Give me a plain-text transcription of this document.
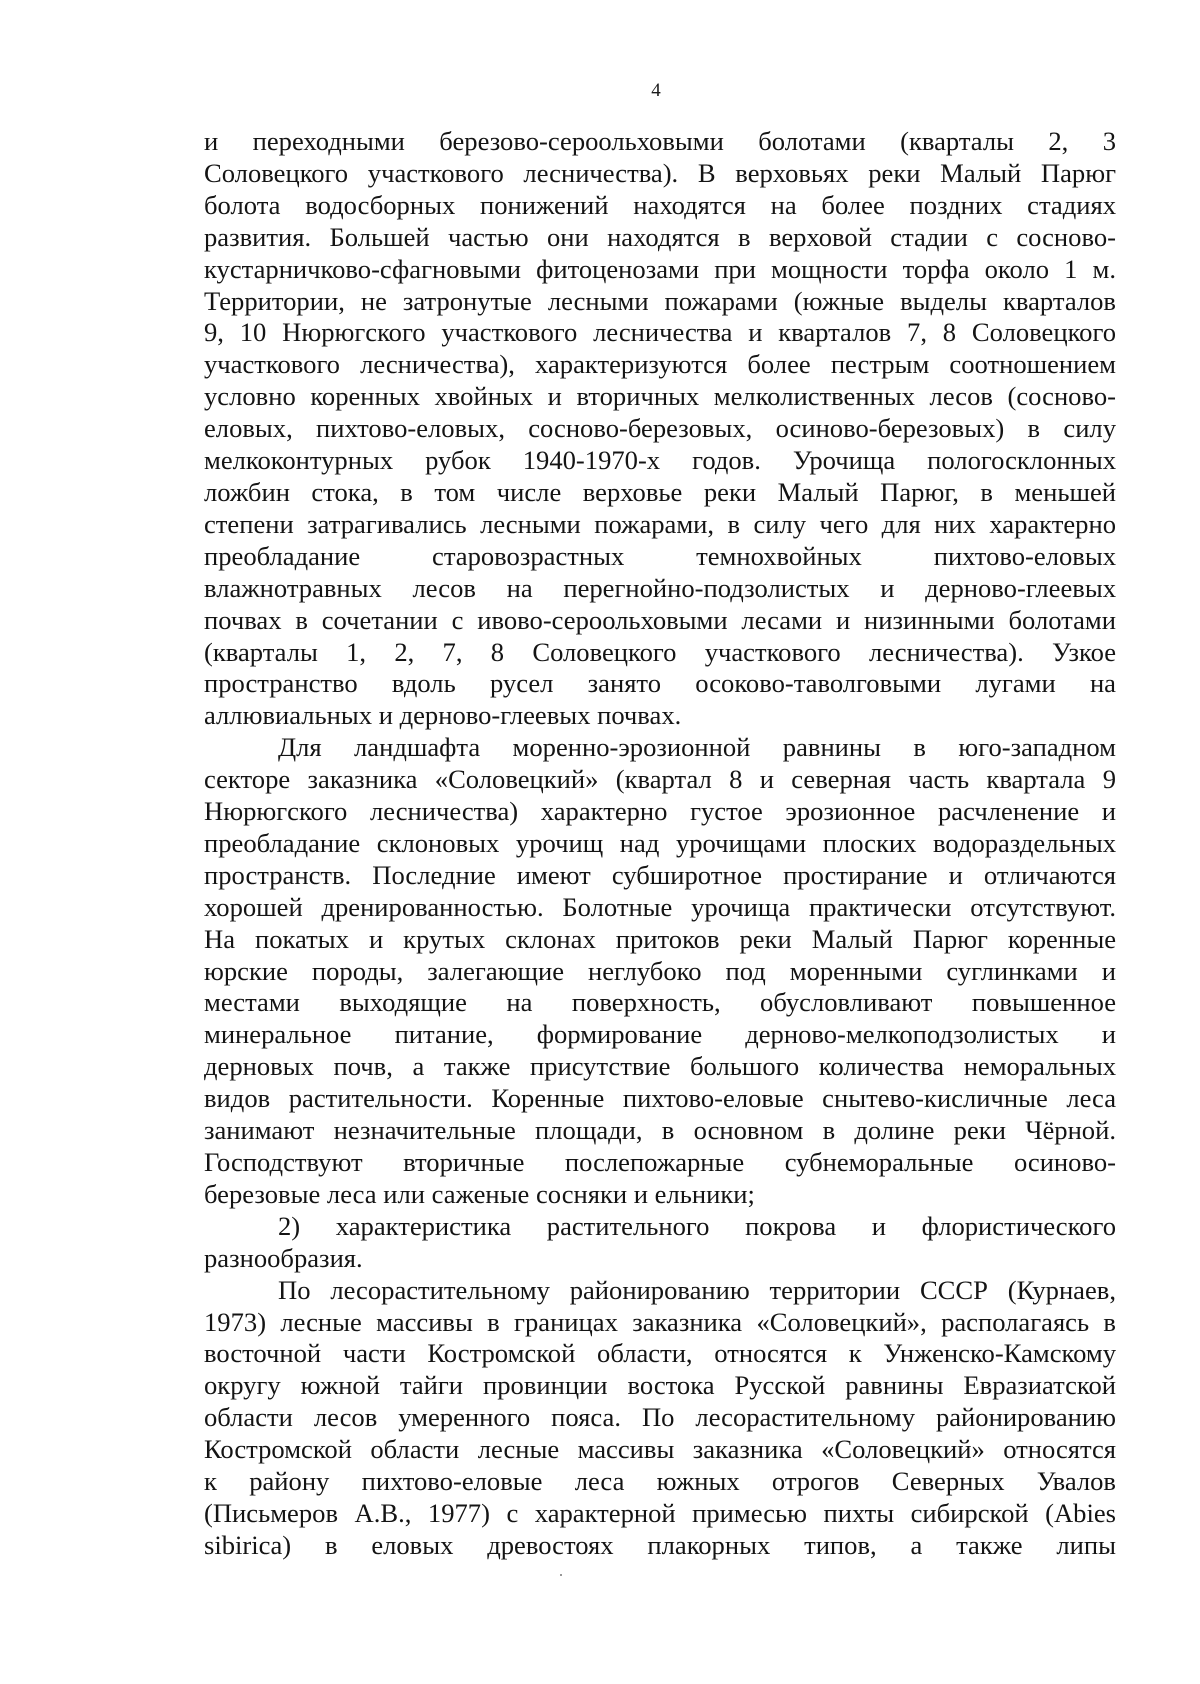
4

и переходными березово-сероольховыми болотами (кварталы 2, 3
Соловецкого участкового лесничества). В верховьях реки Малый Парюг
болота водосборных понижений находятся на более поздних стадиях
развития. Большей частью они находятся в верховой стадии с сосново-
кустарничково-сфагновыми фитоценозами при мощности торфа около 1 м.
Территории, не затронутые лесными пожарами (южные выделы кварталов
9, 10 Нюрюгского участкового лесничества и кварталов 7, 8 Соловецкого
участкового лесничества), характеризуются более пестрым соотношением
условно коренных хвойных и вторичных мелколиственных лесов (сосново-
еловых, пихтово-еловых, сосново-березовых, осиново-березовых) в силу
мелкоконтурных рубок 1940-1970-х годов. Урочища пологосклонных
ложбин стока, в том числе верховье реки Малый Парюг, в меньшей
степени затрагивались лесными пожарами, в силу чего для них характерно
преобладание старовозрастных темнохвойных пихтово-еловых
влажнотравных лесов на перегнойно-подзолистых и дерново-глеевых
почвах в сочетании с ивово-сероольховыми лесами и низинными болотами
(кварталы 1, 2, 7, 8 Соловецкого участкового лесничества). Узкое
пространство вдоль русел занято осоково-таволговыми лугами на
аллювиальных и дерново-глеевых почвах.

Для ландшафта моренно-эрозионной равнины в юго-западном
секторе заказника «Соловецкий» (квартал 8 и северная часть квартала 9
Нюрюгского лесничества) характерно густое эрозионное расчленение и
преобладание склоновых урочищ над урочищами плоских водораздельных
пространств. Последние имеют субширотное простирание и отличаются
хорошей дренированностью. Болотные урочища практически отсутствуют.
На покатых и крутых склонах притоков реки Малый Парюг коренные
юрские породы, залегающие неглубоко под моренными суглинками и
местами выходящие на поверхность, обусловливают повышенное
минеральное питание, формирование дерново-мелкоподзолистых и
дерновых почв, а также присутствие большого количества неморальных
видов растительности. Коренные пихтово-еловые снытево-кисличные леса
занимают незначительные площади, в основном в долине реки Чёрной.
Господствуют вторичные послепожарные субнеморальные осиново-
березовые леса или саженые сосняки и ельники;

2) характеристика растительного покрова и флористического
разнообразия.

По лесорастительному районированию территории СССР (Курнаев,
1973) лесные массивы в границах заказника «Соловецкий», располагаясь в
восточной части Костромской области, относятся к Унженско-Камскому
округу южной тайги провинции востока Русской равнины Евразиатской
области лесов умеренного пояса. По лесорастительному районированию
Костромской области лесные массивы заказника «Соловецкий» относятся
к району пихтово-еловые леса южных отрогов Северных Увалов
(Письмеров А.В., 1977) с характерной примесью пихты сибирской (Abies
sibirica) в еловых древостоях плакорных типов, а также липы
